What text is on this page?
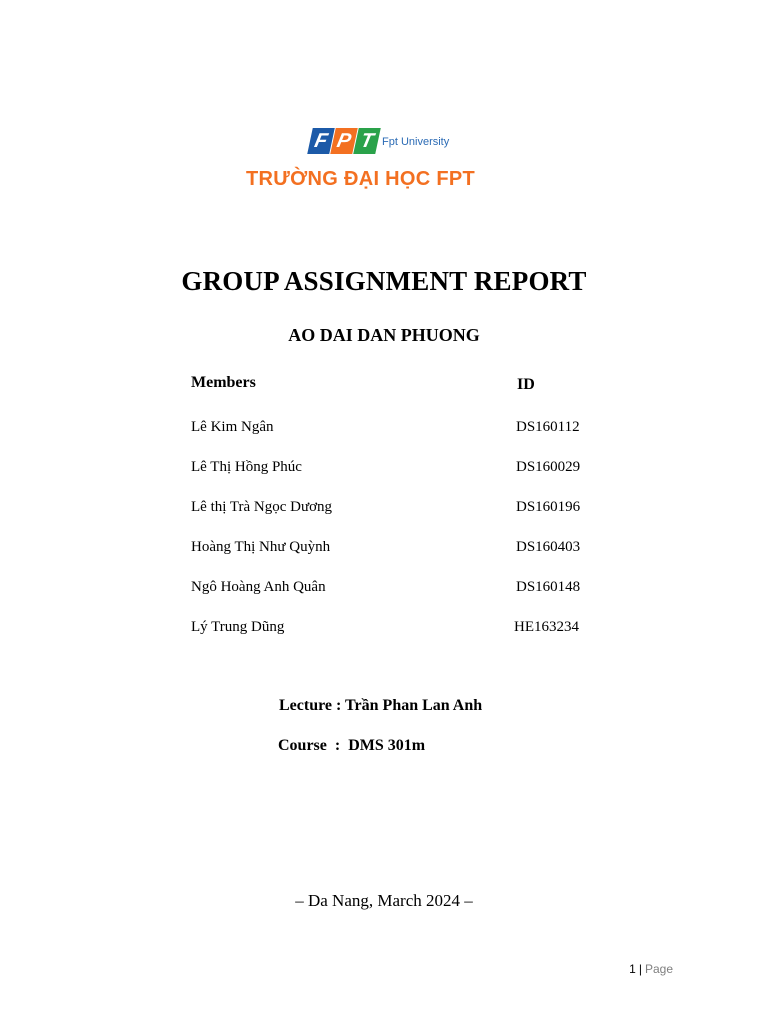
F P T Fpt University
TRƯỜNG ĐẠI HỌC FPT
GROUP ASSIGNMENT REPORT
AO DAI DAN PHUONG
Members	ID
Lê Kim Ngân	DS160112
Lê Thị Hồng Phúc	DS160029
Lê thị Trà Ngọc Dương	DS160196
Hoàng Thị Như Quỳnh	DS160403
Ngô Hoàng Anh Quân	DS160148
Lý Trung Dũng	HE163234
Lecture : Trần Phan Lan Anh
Course  :  DMS 301m
– Da Nang, March 2024 –
1 | Page
